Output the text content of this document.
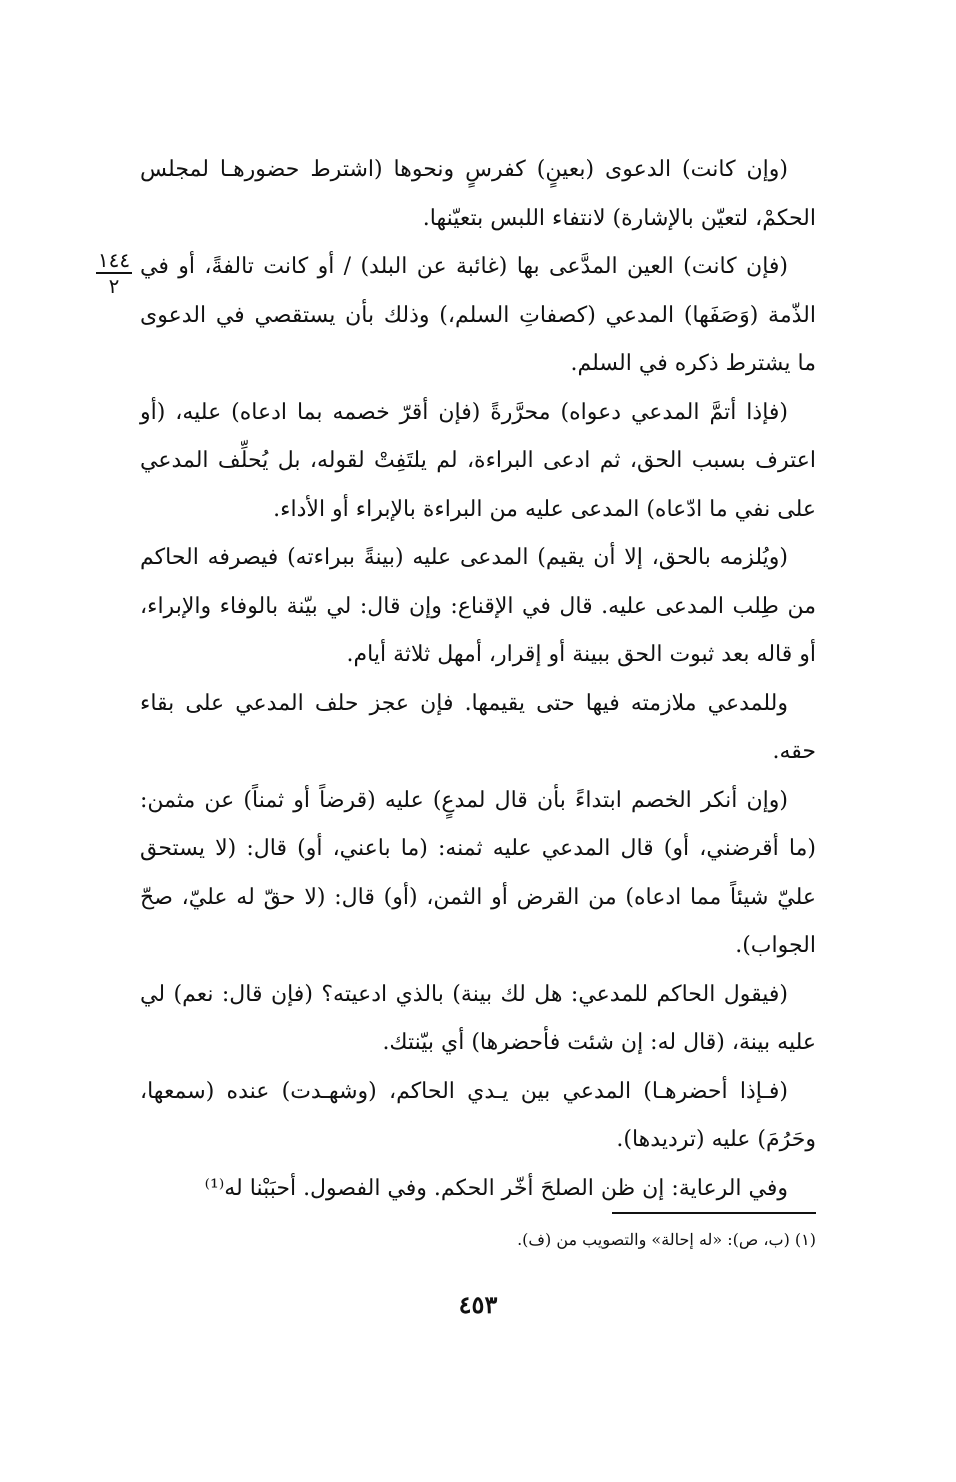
١٤٤
٢

(وإن كانت) الدعوى (بعينٍ) كفرسٍ ونحوها (اشترط حضورهـا لمجلس الحكمْ، لتعيّن بالإشارة) لانتفاء اللبس بتعيّنها.

(فإن كانت) العين المدَّعى بها (غائبة عن البلد) / أو كانت تالفةً، أو في الذّمة (وَصَفَها) المدعي (كصفاتِ السلم،) وذلك بأن يستقصي في الدعوى ما يشترط ذكره في السلم.

(فإذا أتمَّ المدعي دعواه) محرَّرةً (فإن أقرّ خصمه بما ادعاه) عليه، (أو اعترف بسبب الحق، ثم ادعى البراءة، لم يلتَفِتْ لقوله، بل يُحلِّف المدعي على نفي ما ادّعاه) المدعى عليه من البراءة بالإبراء أو الأداء.

(ويُلزمه بالحق، إلا أن يقيم) المدعى عليه (بينةً ببراءته) فيصرفه الحاكم من طِلب المدعى عليه. قال في الإقناع: وإن قال: لي بيّنة بالوفاء والإبراء، أو قاله بعد ثبوت الحق ببينة أو إقرار، أمهل ثلاثة أيام.

وللمدعي ملازمته فيها حتى يقيمها. فإن عجز حلف المدعي على بقاء حقه.

(وإن أنكر الخصم ابتداءً بأن قال لمدعٍ) عليه (قرضاً أو ثمناً) عن مثمن: (ما أقرضني، أو) قال المدعي عليه ثمنه: (ما باعني، أو) قال: (لا يستحق عليّ شيئاً مما ادعاه) من القرض أو الثمن، (أو) قال: (لا حقّ له عليّ، صحّ الجواب).

(فيقول الحاكم للمدعي: هل لك بينة) بالذي ادعيته؟ (فإن قال: نعم) لي عليه بينة، (قال له: إن شئت فأحضرها) أي بيّنتك.

(فـإذا أحضرهـا) المدعي بين يـدي الحاكم، (وشهـدت) عنده (سمعها، وحَرُمَ) عليه (ترديدها).

وفي الرعاية: إن ظن الصلحَ أخّر الحكم. وفي الفصول. أحبَبْنا له⁽¹⁾

(١) (ب، ص): «له إحالة» والتصويب من (ف).
٤٥٣
